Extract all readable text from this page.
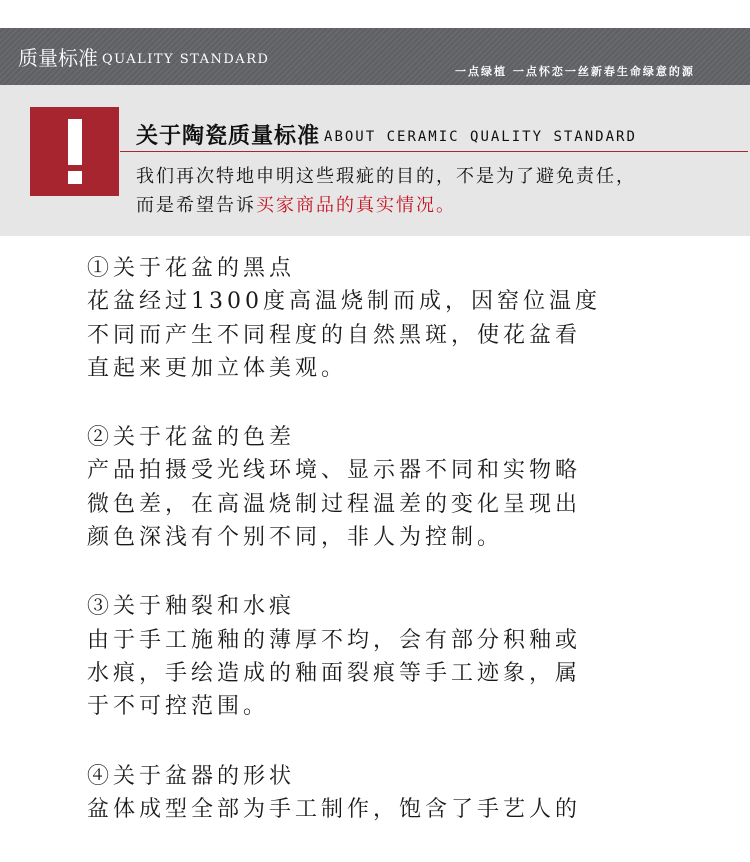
质量标准 QUALITY STANDARD
一点绿植 一点怀恋一丝新春生命绿意的源
关于陶瓷质量标准 ABOUT CERAMIC QUALITY STANDARD
我们再次特地申明这些瑕疵的目的，不是为了避免责任，
而是希望告诉买家商品的真实情况。
①关于花盆的黑点
花盆经过1300度高温烧制而成，因窑位温度
不同而产生不同程度的自然黑斑，使花盆看
直起来更加立体美观。
②关于花盆的色差
产品拍摄受光线环境、显示器不同和实物略
微色差，在高温烧制过程温差的变化呈现出
颜色深浅有个别不同，非人为控制。
③关于釉裂和水痕
由于手工施釉的薄厚不均，会有部分积釉或
水痕，手绘造成的釉面裂痕等手工迹象，属
于不可控范围。
④关于盆器的形状
盆体成型全部为手工制作，饱含了手艺人的
